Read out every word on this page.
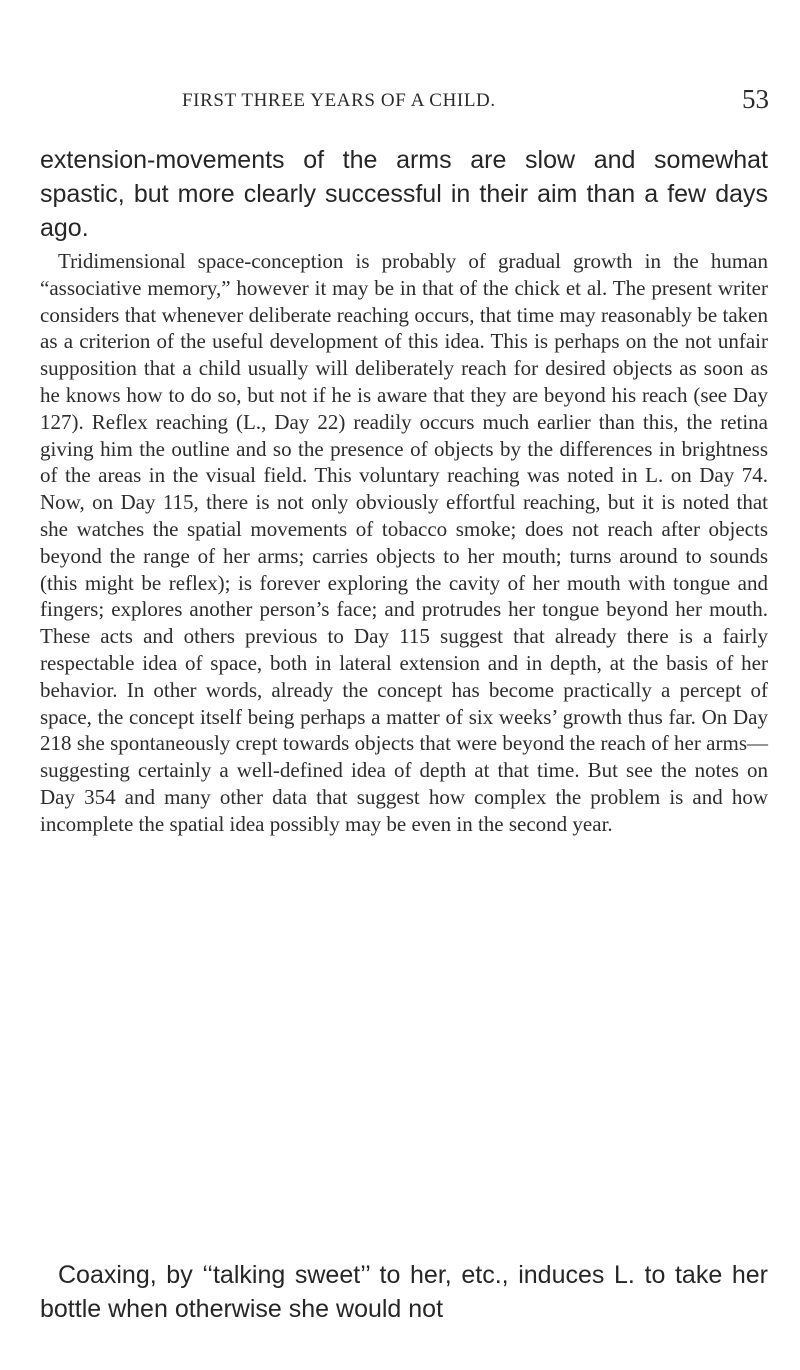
FIRST THREE YEARS OF A CHILD.	53

extension-movements of the arms are slow and somewhat spastic, but more clearly successful in their aim than a few days ago.

Tridimensional space-conception is probably of gradual growth in the human “associative memory,” however it may be in that of the chick et al. The present writer considers that whenever deliberate reaching occurs, that time may reasonably be taken as a criterion of the useful development of this idea. This is perhaps on the not unfair supposition that a child usually will deliberately reach for desired objects as soon as he knows how to do so, but not if he is aware that they are beyond his reach (see Day 127). Reflex reaching (L., Day 22) readily occurs much earlier than this, the retina giving him the outline and so the presence of objects by the differences in brightness of the areas in the visual field. This voluntary reaching was noted in L. on Day 74. Now, on Day 115, there is not only obviously effortful reaching, but it is noted that she watches the spatial movements of tobacco smoke; does not reach after objects beyond the range of her arms; carries objects to her mouth; turns around to sounds (this might be reflex); is forever exploring the cavity of her mouth with tongue and fingers; explores another person’s face; and protrudes her tongue beyond her mouth. These acts and others previous to Day 115 suggest that already there is a fairly respectable idea of space, both in lateral extension and in depth, at the basis of her behavior. In other words, already the concept has become practically a percept of space, the concept itself being perhaps a matter of six weeks’ growth thus far. On Day 218 she spontaneously crept towards objects that were beyond the reach of her arms—suggesting certainly a well-defined idea of depth at that time. But see the notes on Day 354 and many other data that suggest how complex the problem is and how incomplete the spatial idea possibly may be even in the second year.

Coaxing, by ‘‘talking sweet’’ to her, etc., induces L. to take her bottle when otherwise she would not
